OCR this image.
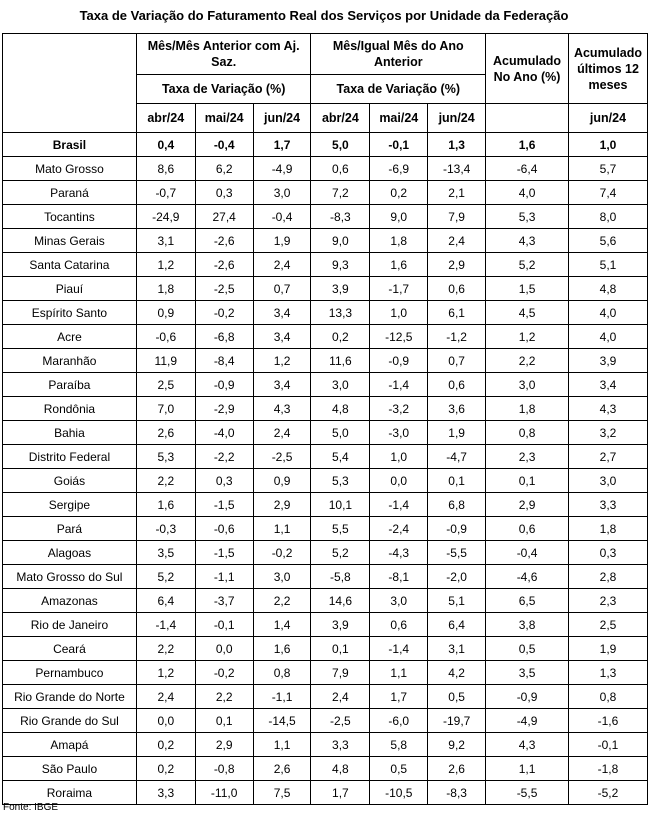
Taxa de Variação do Faturamento Real dos Serviços por Unidade da Federação
	Mês/Mês Anterior com Aj. Saz.			Mês/Igual Mês do Ano Anterior			Acumulado No Ano (%)	Acumulado últimos 12 meses
	Taxa de Variação (%)			Taxa de Variação (%)				
	abr/24	mai/24	jun/24	abr/24	mai/24	jun/24		jun/24
Brasil	0,4	-0,4	1,7	5,0	-0,1	1,3	1,6	1,0
Mato Grosso	8,6	6,2	-4,9	0,6	-6,9	-13,4	-6,4	5,7
Paraná	-0,7	0,3	3,0	7,2	0,2	2,1	4,0	7,4
Tocantins	-24,9	27,4	-0,4	-8,3	9,0	7,9	5,3	8,0
Minas Gerais	3,1	-2,6	1,9	9,0	1,8	2,4	4,3	5,6
Santa Catarina	1,2	-2,6	2,4	9,3	1,6	2,9	5,2	5,1
Piauí	1,8	-2,5	0,7	3,9	-1,7	0,6	1,5	4,8
Espírito Santo	0,9	-0,2	3,4	13,3	1,0	6,1	4,5	4,0
Acre	-0,6	-6,8	3,4	0,2	-12,5	-1,2	1,2	4,0
Maranhão	11,9	-8,4	1,2	11,6	-0,9	0,7	2,2	3,9
Paraíba	2,5	-0,9	3,4	3,0	-1,4	0,6	3,0	3,4
Rondônia	7,0	-2,9	4,3	4,8	-3,2	3,6	1,8	4,3
Bahia	2,6	-4,0	2,4	5,0	-3,0	1,9	0,8	3,2
Distrito Federal	5,3	-2,2	-2,5	5,4	1,0	-4,7	2,3	2,7
Goiás	2,2	0,3	0,9	5,3	0,0	0,1	0,1	3,0
Sergipe	1,6	-1,5	2,9	10,1	-1,4	6,8	2,9	3,3
Pará	-0,3	-0,6	1,1	5,5	-2,4	-0,9	0,6	1,8
Alagoas	3,5	-1,5	-0,2	5,2	-4,3	-5,5	-0,4	0,3
Mato Grosso do Sul	5,2	-1,1	3,0	-5,8	-8,1	-2,0	-4,6	2,8
Amazonas	6,4	-3,7	2,2	14,6	3,0	5,1	6,5	2,3
Rio de Janeiro	-1,4	-0,1	1,4	3,9	0,6	6,4	3,8	2,5
Ceará	2,2	0,0	1,6	0,1	-1,4	3,1	0,5	1,9
Pernambuco	1,2	-0,2	0,8	7,9	1,1	4,2	3,5	1,3
Rio Grande do Norte	2,4	2,2	-1,1	2,4	1,7	0,5	-0,9	0,8
Rio Grande do Sul	0,0	0,1	-14,5	-2,5	-6,0	-19,7	-4,9	-1,6
Amapá	0,2	2,9	1,1	3,3	5,8	9,2	4,3	-0,1
São Paulo	0,2	-0,8	2,6	4,8	0,5	2,6	1,1	-1,8
Roraima	3,3	-11,0	7,5	1,7	-10,5	-8,3	-5,5	-5,2
Fonte: IBGE
